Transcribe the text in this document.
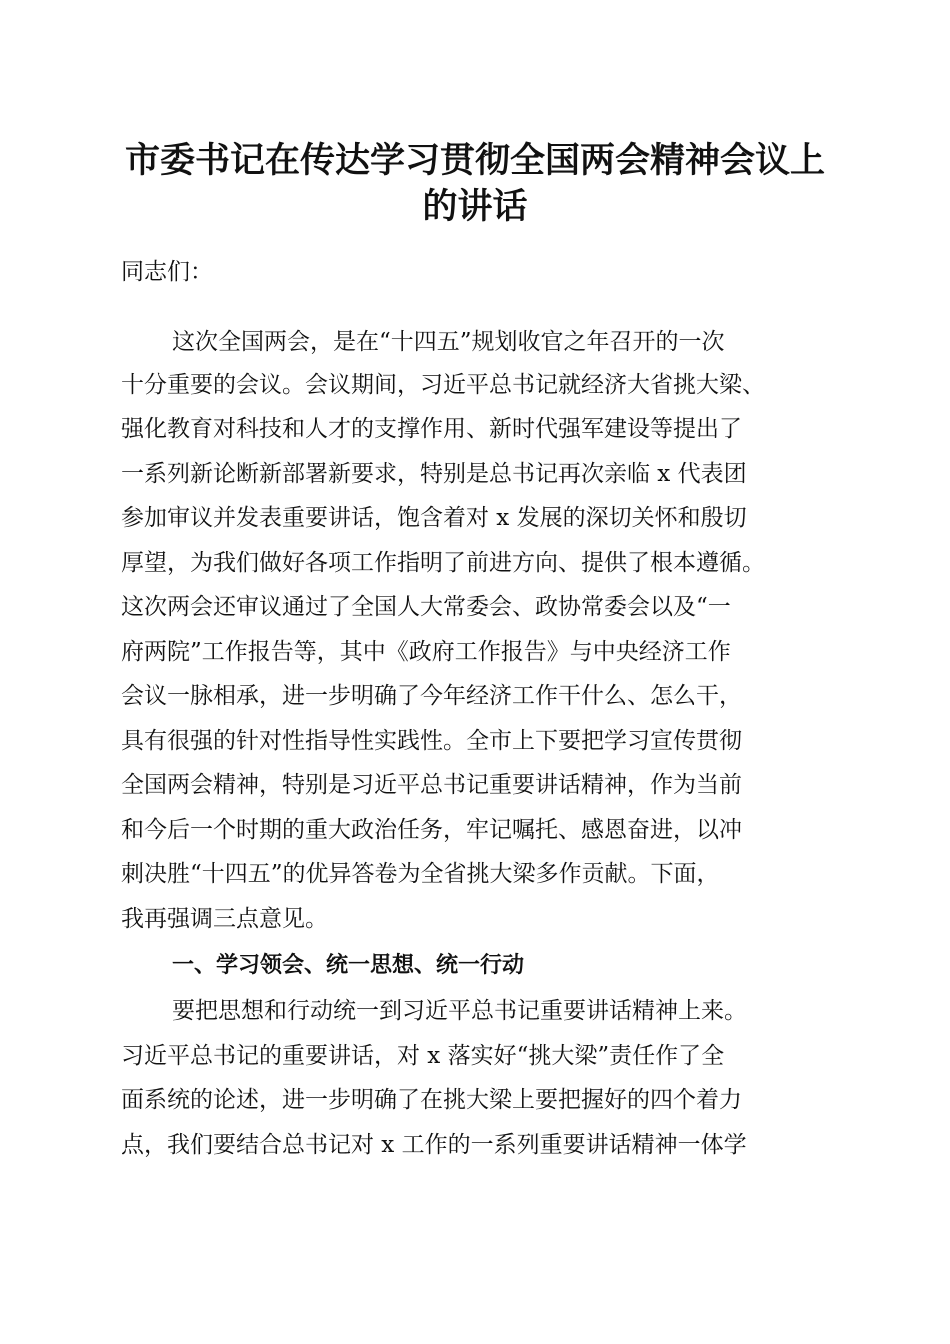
市委书记在传达学习贯彻全国两会精神会议上
的讲话

同志们：

这次全国两会，是在“十四五”规划收官之年召开的一次

十分重要的会议。会议期间，习近平总书记就经济大省挑大梁、

强化教育对科技和人才的支撑作用、新时代强军建设等提出了

一系列新论断新部署新要求，特别是总书记再次亲临 x 代表团

参加审议并发表重要讲话，饱含着对 x 发展的深切关怀和殷切

厚望，为我们做好各项工作指明了前进方向、提供了根本遵循。

这次两会还审议通过了全国人大常委会、政协常委会以及“一

府两院”工作报告等，其中《政府工作报告》与中央经济工作

会议一脉相承，进一步明确了今年经济工作干什么、怎么干，

具有很强的针对性指导性实践性。全市上下要把学习宣传贯彻

全国两会精神，特别是习近平总书记重要讲话精神，作为当前

和今后一个时期的重大政治任务，牢记嘱托、感恩奋进，以冲

刺决胜“十四五”的优异答卷为全省挑大梁多作贡献。下面，

我再强调三点意见。

一、学习领会、统一思想、统一行动

要把思想和行动统一到习近平总书记重要讲话精神上来。

习近平总书记的重要讲话，对 x 落实好“挑大梁”责任作了全

面系统的论述，进一步明确了在挑大梁上要把握好的四个着力

点，我们要结合总书记对 x 工作的一系列重要讲话精神一体学
